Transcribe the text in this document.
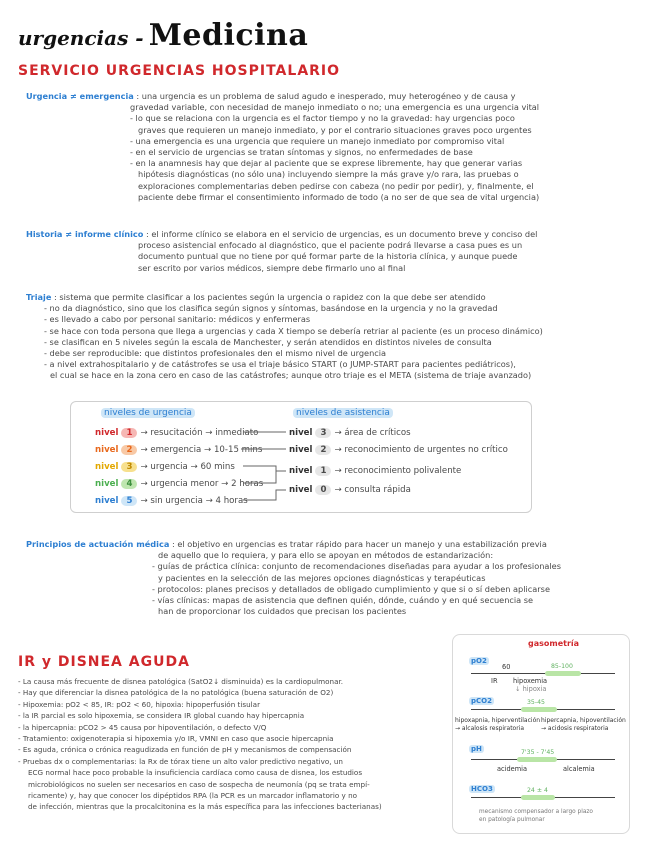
urgencias - Medicina
SERVICIO URGENCIAS HOSPITALARIO
Urgencia ≠ emergencia : una urgencia es un problema de salud agudo e inesperado, muy heterogéneo y de causa y
gravedad variable, con necesidad de manejo inmediato o no; una emergencia es una urgencia vital
- lo que se relaciona con la urgencia es el factor tiempo y no la gravedad: hay urgencias poco
graves que requieren un manejo inmediato, y por el contrario situaciones graves poco urgentes
- una emergencia es una urgencia que requiere un manejo inmediato por compromiso vital
- en el servicio de urgencias se tratan síntomas y signos, no enfermedades de base
- en la anamnesis hay que dejar al paciente que se exprese libremente, hay que generar varias
hipótesis diagnósticas (no sólo una) incluyendo siempre la más grave y/o rara, las pruebas o
exploraciones complementarias deben pedirse con cabeza (no pedir por pedir), y, finalmente, el
paciente debe firmar el consentimiento informado de todo (a no ser de que sea de vital urgencia)
Historia ≠ informe clínico : el informe clínico se elabora en el servicio de urgencias, es un documento breve y conciso del
proceso asistencial enfocado al diagnóstico, que el paciente podrá llevarse a casa pues es un
documento puntual que no tiene por qué formar parte de la historia clínica, y aunque puede
ser escrito por varios médicos, siempre debe firmarlo uno al final
Triaje : sistema que permite clasificar a los pacientes según la urgencia o rapidez con la que debe ser atendido
- no da diagnóstico, sino que los clasifica según signos y síntomas, basándose en la urgencia y no la gravedad
- es llevado a cabo por personal sanitario: médicos y enfermeras
- se hace con toda persona que llega a urgencias y cada X tiempo se debería retriar al paciente (es un proceso dinámico)
- se clasifican en 5 niveles según la escala de Manchester, y serán atendidos en distintos niveles de consulta
- debe ser reproducible: que distintos profesionales den el mismo nivel de urgencia
- a nivel extrahospitalario y de catástrofes se usa el triaje básico START (o JUMP-START para pacientes pediátricos),
el cual se hace en la zona cero en caso de las catástrofes; aunque otro triaje es el META (sistema de triaje avanzado)
niveles de urgencia	niveles de asistencia
nivel 1 → resucitación → inmediato
nivel 2 → emergencia → 10-15 mins
nivel 3 → urgencia → 60 mins
nivel 4 → urgencia menor → 2 horas
nivel 5 → sin urgencia → 4 horas
nivel 3 → área de críticos
nivel 2 → reconocimiento de urgentes no crítico
nivel 1 → reconocimiento polivalente
nivel 0 → consulta rápida
Principios de actuación médica : el objetivo en urgencias es tratar rápido para hacer un manejo y una estabilización previa
de aquello que lo requiera, y para ello se apoyan en métodos de estandarización:
- guías de práctica clínica: conjunto de recomendaciones diseñadas para ayudar a los profesionales
y pacientes en la selección de las mejores opciones diagnósticas y terapéuticas
- protocolos: planes precisos y detallados de obligado cumplimiento y que si o sí deben aplicarse
- vías clínicas: mapas de asistencia que definen quién, dónde, cuándo y en qué secuencia se
han de proporcionar los cuidados que precisan los pacientes
IR y DISNEA AGUDA
- La causa más frecuente de disnea patológica (SatO2↓ disminuida) es la cardiopulmonar.
- Hay que diferenciar la disnea patológica de la no patológica (buena saturación de O2)
- Hipoxemia: pO2 < 85, IR: pO2 < 60, hipoxia: hipoperfusión tisular
- la IR parcial es solo hipoxemia, se considera IR global cuando hay hipercapnia
- la hipercapnia: pCO2 > 45 causa por hipoventilación, o defecto V/Q
- Tratamiento: oxigenoterapia si hipoxemia y/o IR, VMNI en caso que asocie hipercapnia
- Es aguda, crónica o crónica reagudizada en función de pH y mecanismos de compensación
- Pruebas dx o complementarias: la Rx de tórax tiene un alto valor predictivo negativo, un
ECG normal hace poco probable la insuficiencia cardíaca como causa de disnea, los estudios
microbiológicos no suelen ser necesarios en caso de sospecha de neumonía (pq se trata empí-
ricamente) y, hay que conocer los dipéptidos RPA (la PCR es un marcador inflamatorio y no
de infección, mientras que la procalcitonina es la más específica para las infecciones bacterianas)
gasometría
pO2
60	85-100
IR hipoxemia
↓ hipoxia
pCO2	35-45
hipoxapnia, hiperventilación
→ alcalosis respiratoria
hipercapnia, hipoventilación
→ acidosis respiratoria
pH	7'35 - 7'45
acidemia	alcalemia
HCO3	24 ± 4
mecanismo compensador a largo plazo
en patología pulmonar
